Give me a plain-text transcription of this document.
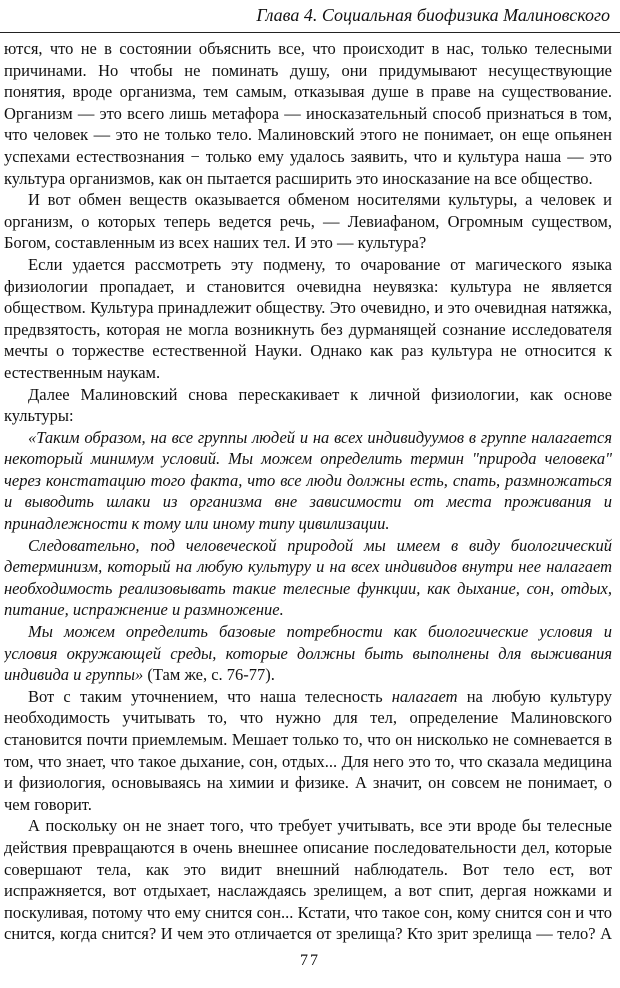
Глава 4. Социальная биофизика Малиновского

ются, что не в состоянии объяснить все, что происходит в нас, только телесными причинами. Но чтобы не поминать душу, они придумывают несуществующие понятия, вроде организма, тем самым, отказывая душе в праве на существование. Организм — это всего лишь метафора — иносказательный способ признаться в том, что человек — это не только тело. Малиновский этого не понимает, он еще опьянен успехами естествознания − только ему удалось заявить, что и культура наша — это культура организмов, как он пытается расширить это иносказание на все общество.

И вот обмен веществ оказывается обменом носителями культуры, а человек и организм, о которых теперь ведется речь, — Левиафаном, Огромным существом, Богом, составленным из всех наших тел. И это — культура?

Если удается рассмотреть эту подмену, то очарование от магического языка физиологии пропадает, и становится очевидна неувязка: культура не является обществом. Культура принадлежит обществу. Это очевидно, и это очевидная натяжка, предвзятость, которая не могла возникнуть без дурманящей сознание исследователя мечты о торжестве естественной Науки. Однако как раз культура не относится к естественным наукам.

Далее Малиновский снова перескакивает к личной физиологии, как основе культуры:

«Таким образом, на все группы людей и на всех индивидуумов в группе налагается некоторый минимум условий. Мы можем определить термин "природа человека" через констатацию того факта, что все люди должны есть, спать, размножаться и выводить шлаки из организма вне зависимости от места проживания и принадлежности к тому или иному типу цивилизации.

Следовательно, под человеческой природой мы имеем в виду биологический детерминизм, который на любую культуру и на всех индивидов внутри нее налагает необходимость реализовывать такие телесные функции, как дыхание, сон, отдых, питание, испражнение и размножение.

Мы можем определить базовые потребности как биологические условия и условия окружающей среды, которые должны быть выполнены для выживания индивида и группы» (Там же, с. 76-77).

Вот с таким уточнением, что наша телесность налагает на любую культуру необходимость учитывать то, что нужно для тел, определение Малиновского становится почти приемлемым. Мешает только то, что он нисколько не сомневается в том, что знает, что такое дыхание, сон, отдых... Для него это то, что сказала медицина и физиология, основываясь на химии и физике. А значит, он совсем не понимает, о чем говорит.

А поскольку он не знает того, что требует учитывать, все эти вроде бы телесные действия превращаются в очень внешнее описание последовательности дел, которые совершают тела, как это видит внешний наблюдатель. Вот тело ест, вот испражняется, вот отдыхает, наслаждаясь зрелищем, а вот спит, дергая ножками и поскуливая, потому что ему снится сон... Кстати, что такое сон, кому снится сон и что снится, когда снится? И чем это отличается от зрелища? Кто зрит зрелища — тело? А

77
